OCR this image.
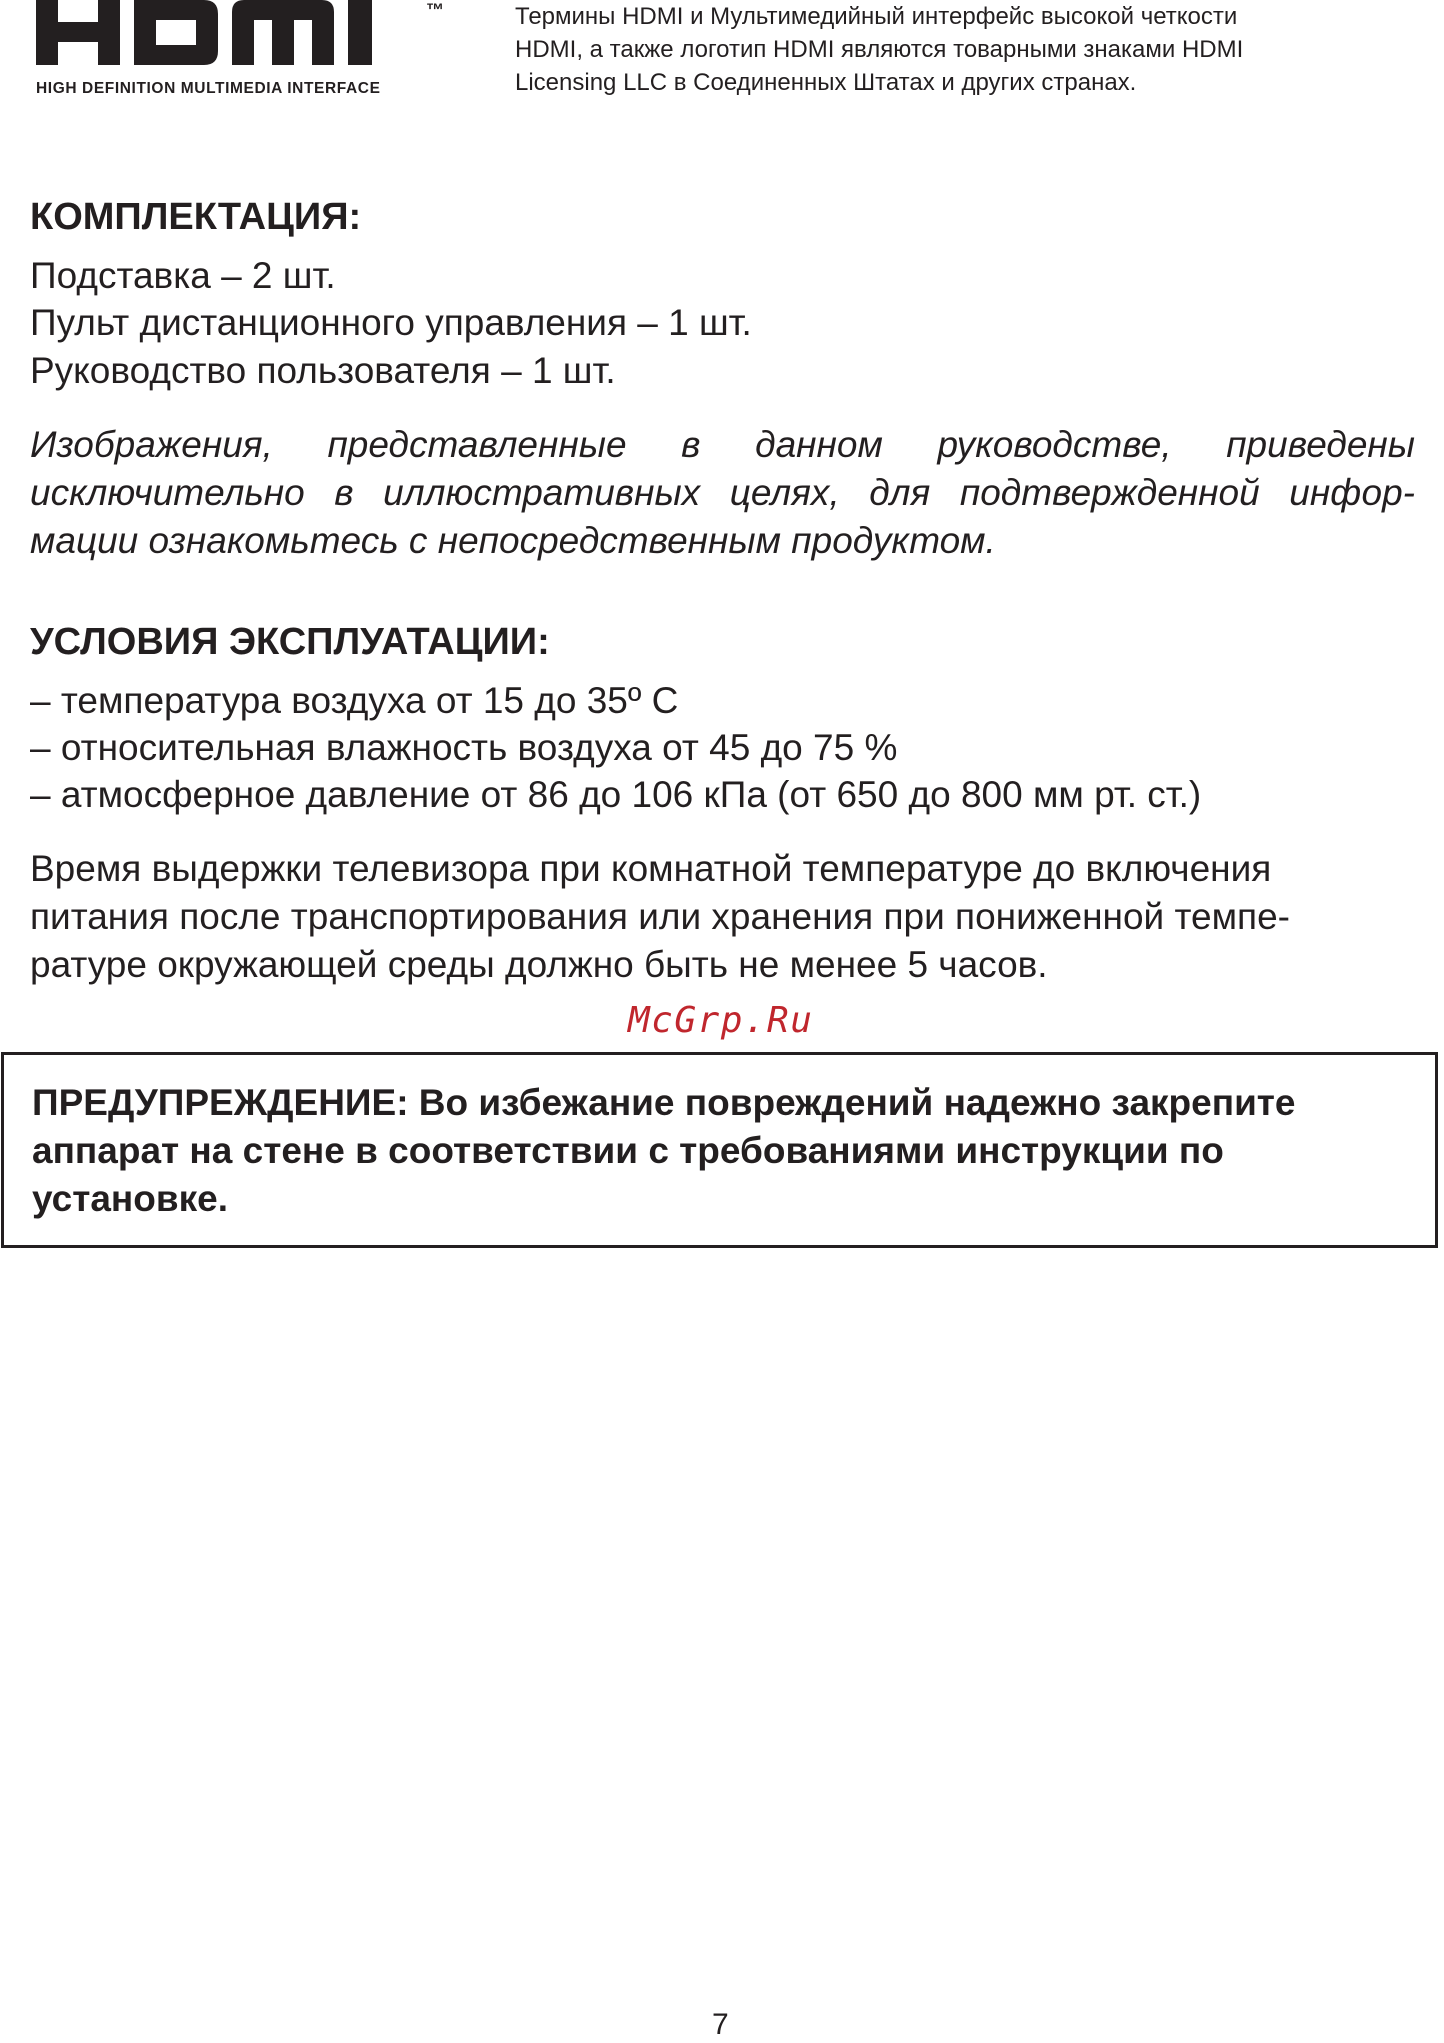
™
HIGH DEFINITION MULTIMEDIA INTERFACE
Термины HDMI и Мультимедийный интерфейс высокой четкости
HDMI, а также логотип HDMI являются товарными знаками HDMI
Licensing LLC в Соединенных Штатах и других странах.
КОМПЛЕКТАЦИЯ:
Подставка – 2 шт.
Пульт дистанционного управления – 1 шт.
Руководство пользователя – 1 шт.
Изображения, представленные в данном руководстве, приведены
исключительно в иллюстративных целях, для подтвержденной инфор-
мации ознакомьтесь с непосредственным продуктом.
УСЛОВИЯ ЭКСПЛУАТАЦИИ:
– температура воздуха от 15 до 35º С
– относительная влажность воздуха от 45 до 75 %
– атмосферное давление от 86 до 106 кПа (от 650 до 800 мм рт. ст.)
Время выдержки телевизора при комнатной температуре до включения
питания после транспортирования или хранения при пониженной темпе-
ратуре окружающей среды должно быть не менее 5 часов.
McGrp.Ru
ПРЕДУПРЕЖДЕНИЕ: Во избежание повреждений надежно закрепите
аппарат на стене в соответствии с требованиями инструкции по
установке.
7
